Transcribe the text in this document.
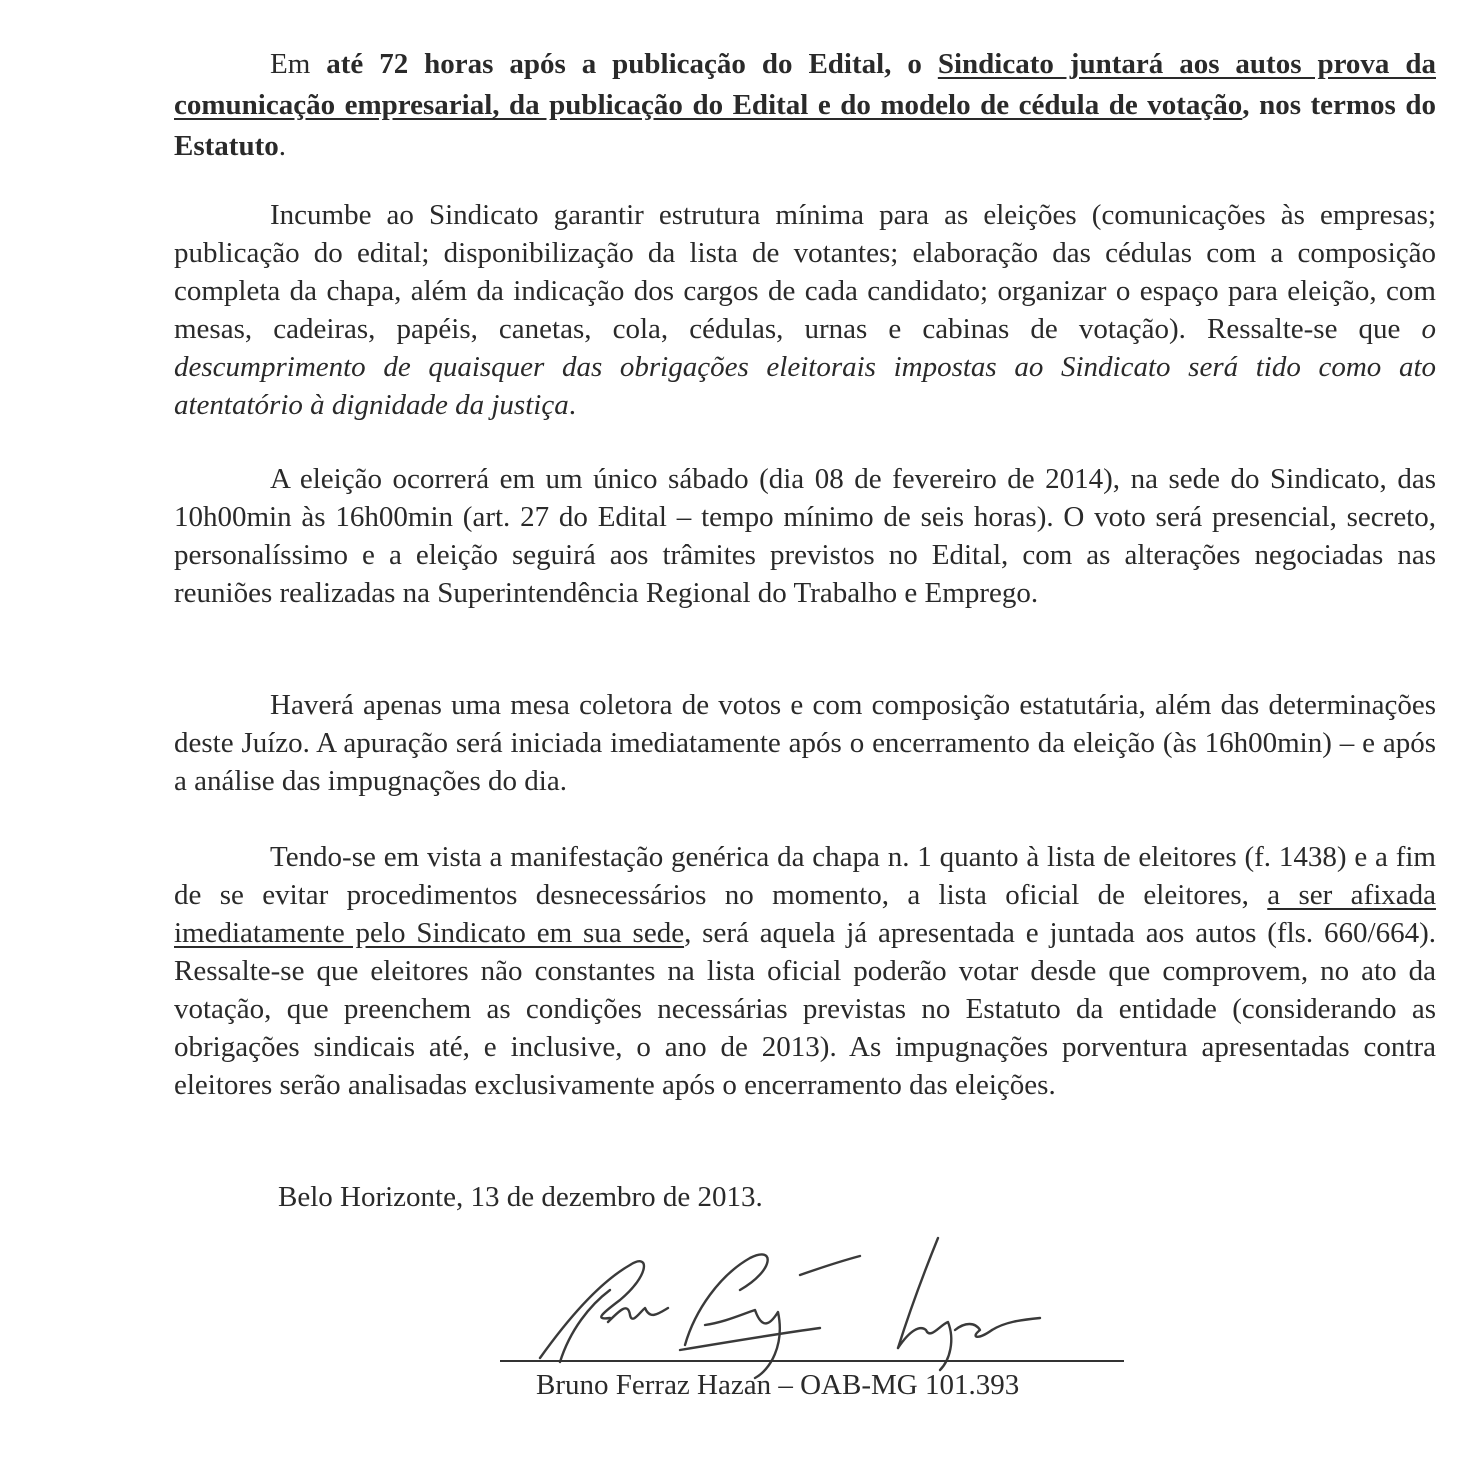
Em até 72 horas após a publicação do Edital, o Sindicato juntará aos autos prova da comunicação empresarial, da publicação do Edital e do modelo de cédula de votação, nos termos do Estatuto.

Incumbe ao Sindicato garantir estrutura mínima para as eleições (comunicações às empresas; publicação do edital; disponibilização da lista de votantes; elaboração das cédulas com a composição completa da chapa, além da indicação dos cargos de cada candidato; organizar o espaço para eleição, com mesas, cadeiras, papéis, canetas, cola, cédulas, urnas e cabinas de votação). Ressalte-se que o descumprimento de quaisquer das obrigações eleitorais impostas ao Sindicato será tido como ato atentatório à dignidade da justiça.

A eleição ocorrerá em um único sábado (dia 08 de fevereiro de 2014), na sede do Sindicato, das 10h00min às 16h00min (art. 27 do Edital – tempo mínimo de seis horas). O voto será presencial, secreto, personalíssimo e a eleição seguirá aos trâmites previstos no Edital, com as alterações negociadas nas reuniões realizadas na Superintendência Regional do Trabalho e Emprego.

Haverá apenas uma mesa coletora de votos e com composição estatutária, além das determinações deste Juízo. A apuração será iniciada imediatamente após o encerramento da eleição (às 16h00min) – e após a análise das impugnações do dia.

Tendo-se em vista a manifestação genérica da chapa n. 1 quanto à lista de eleitores (f. 1438) e a fim de se evitar procedimentos desnecessários no momento, a lista oficial de eleitores, a ser afixada imediatamente pelo Sindicato em sua sede, será aquela já apresentada e juntada aos autos (fls. 660/664). Ressalte-se que eleitores não constantes na lista oficial poderão votar desde que comprovem, no ato da votação, que preenchem as condições necessárias previstas no Estatuto da entidade (considerando as obrigações sindicais até, e inclusive, o ano de 2013). As impugnações porventura apresentadas contra eleitores serão analisadas exclusivamente após o encerramento das eleições.

Belo Horizonte, 13 de dezembro de 2013.
Bruno Ferraz Hazan – OAB-MG 101.393
